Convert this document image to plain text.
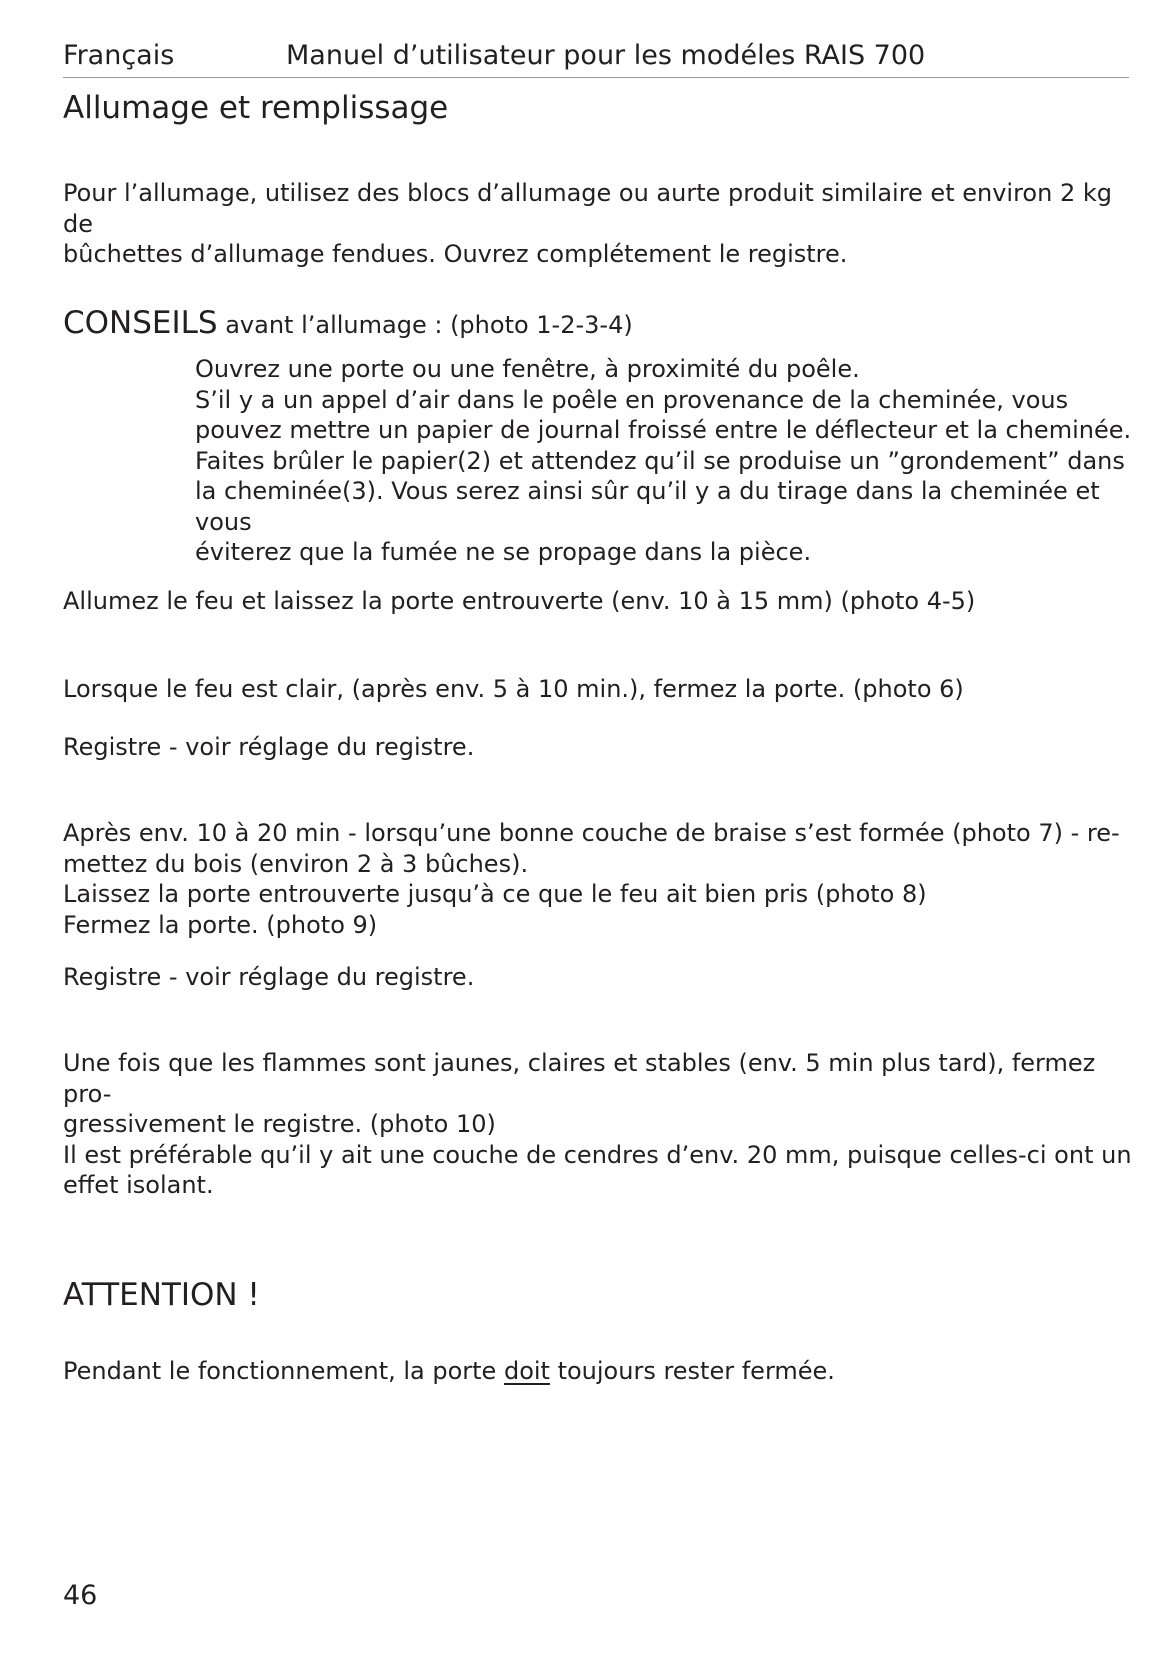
Français	Manuel d’utilisateur pour les modéles RAIS 700
Allumage et remplissage
Pour l’allumage, utilisez des blocs d’allumage ou aurte produit similaire et environ 2 kg de
bûchettes d’allumage fendues. Ouvrez complétement le registre.
CONSEILS avant l’allumage : (photo 1-2-3-4)
Ouvrez une porte ou une fenêtre, à proximité du poêle.
S’il y a un appel d’air dans le poêle en provenance de la cheminée, vous
pouvez mettre un papier de journal froissé entre le déflecteur et la cheminée.
Faites brûler le papier(2) et attendez qu’il se produise un ”grondement” dans
la cheminée(3). Vous serez ainsi sûr qu’il y a du tirage dans la cheminée et vous
éviterez que la fumée ne se propage dans la pièce.
Allumez le feu et laissez la porte entrouverte (env. 10 à 15 mm) (photo 4-5)
Lorsque le feu est clair, (après env. 5 à 10 min.), fermez la porte. (photo 6)
Registre - voir réglage du registre.
Après env. 10 à 20 min - lorsqu’une bonne couche de braise s’est formée (photo 7) - re-
mettez du bois (environ 2 à 3 bûches).
Laissez la porte entrouverte jusqu’à ce que le feu ait bien pris (photo 8)
Fermez la porte. (photo 9)
Registre - voir réglage du registre.
Une fois que les flammes sont jaunes, claires et stables (env. 5 min plus tard), fermez pro-
gressivement le registre. (photo 10)
Il est préférable qu’il y ait une couche de cendres d’env. 20 mm, puisque celles-ci ont un
effet isolant.
ATTENTION !
Pendant le fonctionnement, la porte doit toujours rester fermée.
46
